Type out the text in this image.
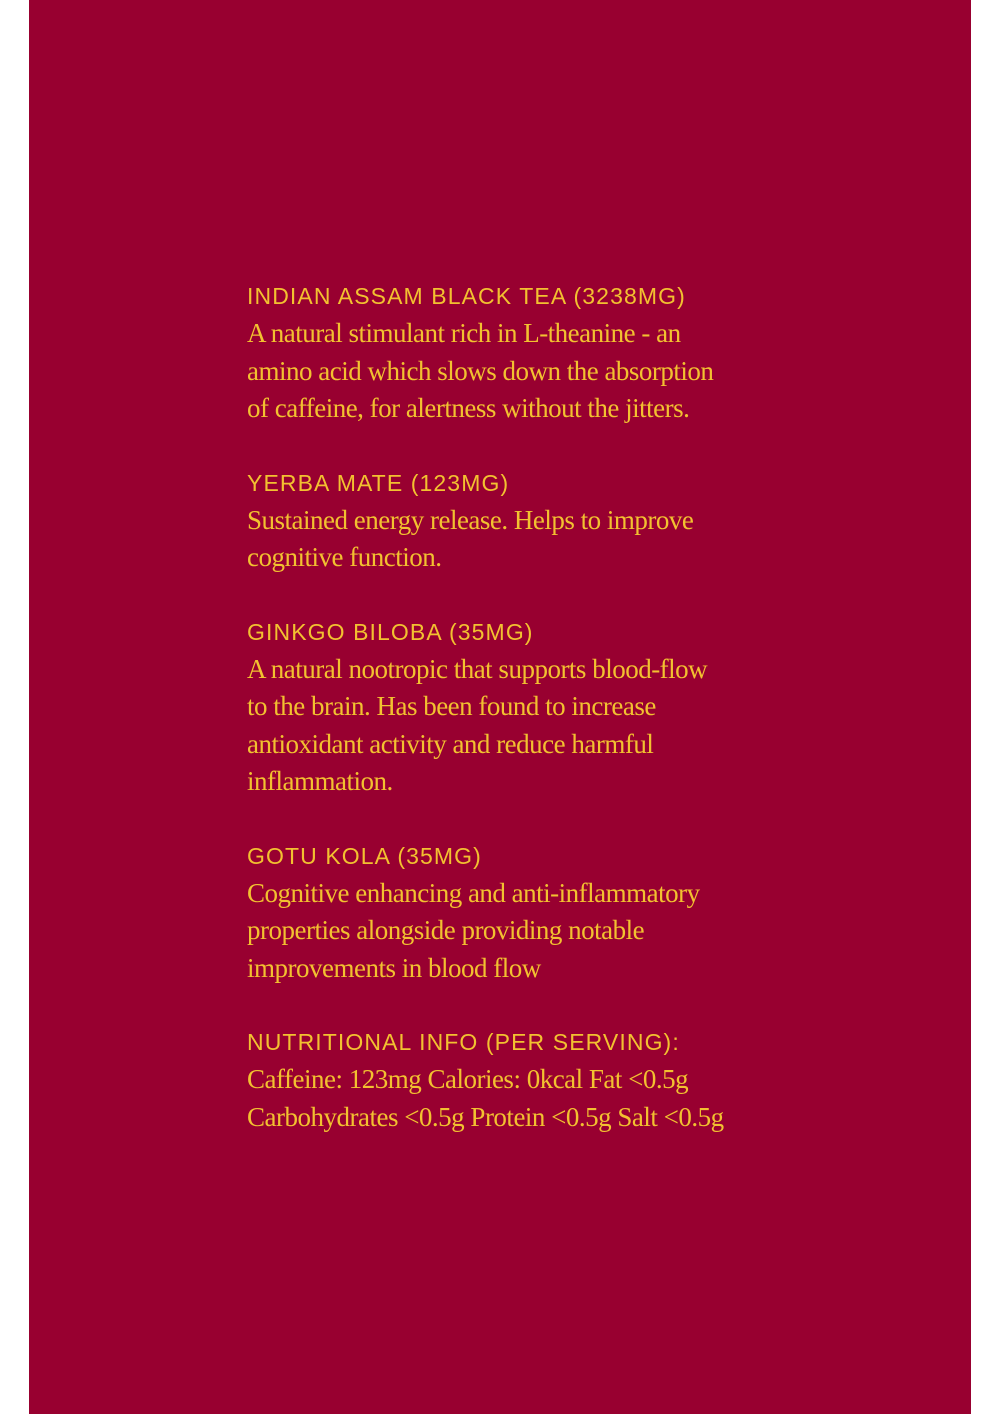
INDIAN ASSAM BLACK TEA (3238MG)

A natural stimulant rich in L-theanine - an
amino acid which slows down the absorption
of caffeine, for alertness without the jitters.

YERBA MATE (123MG)

Sustained energy release. Helps to improve
cognitive function.

GINKGO BILOBA (35MG)

A natural nootropic that supports blood-flow
to the brain. Has been found to increase
antioxidant activity and reduce harmful
inflammation.

GOTU KOLA (35MG)

Cognitive enhancing and anti-inflammatory
properties alongside providing notable
improvements in blood flow

NUTRITIONAL INFO (PER SERVING):

Caffeine: 123mg Calories: 0kcal Fat <0.5g
Carbohydrates <0.5g Protein <0.5g Salt <0.5g
